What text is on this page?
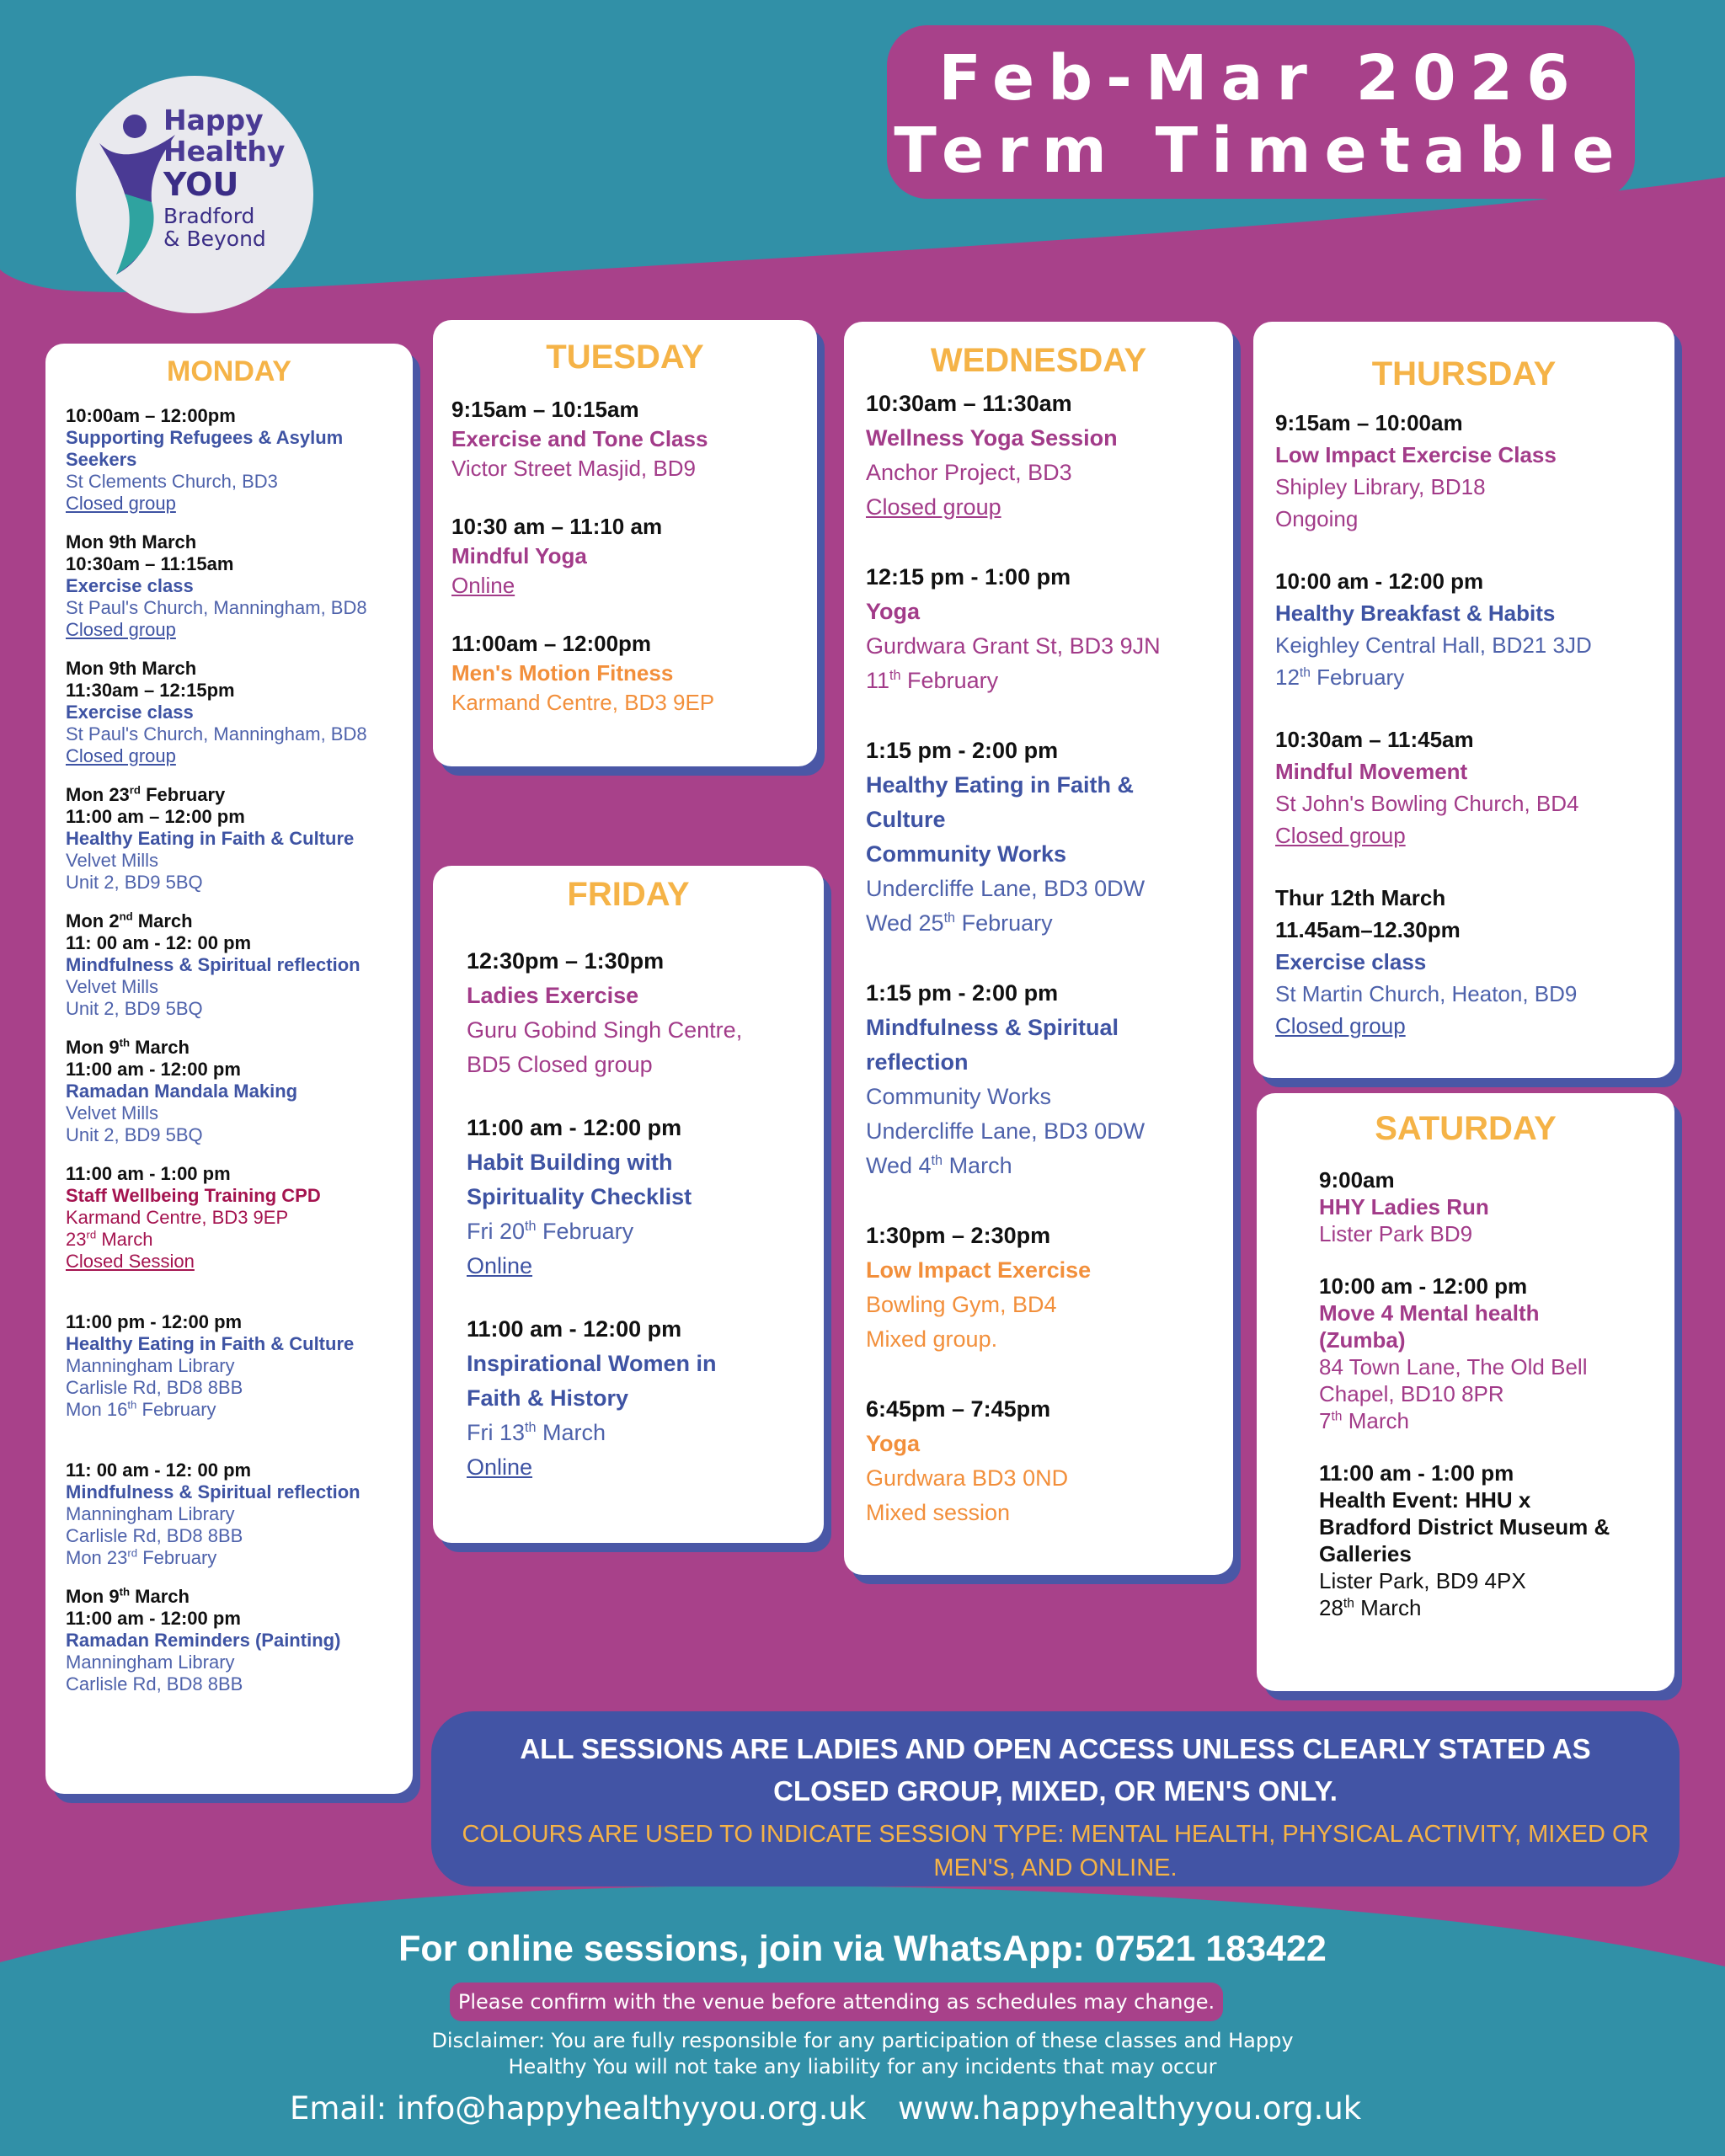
Happy
Healthy
YOU
Bradford
& Beyond
Feb-Mar 2026
Term Timetable
MONDAY
10:00am – 12:00pm
Supporting Refugees & Asylum Seekers
St Clements Church, BD3
Closed group
Mon 9th March
10:30am – 11:15am
Exercise class
St Paul's Church, Manningham, BD8
Closed group
Mon 9th March
11:30am – 12:15pm
Exercise class
St Paul's Church, Manningham, BD8
Closed group
Mon 23rd February
11:00 am – 12:00 pm
Healthy Eating in Faith & Culture
Velvet Mills
Unit 2, BD9 5BQ
Mon 2nd March
11: 00 am - 12: 00 pm
Mindfulness & Spiritual reflection
Velvet Mills
Unit 2, BD9 5BQ
Mon 9th March
11:00 am - 12:00 pm
Ramadan Mandala Making
Velvet Mills
Unit 2, BD9 5BQ
11:00 am - 1:00 pm
Staff Wellbeing Training CPD
Karmand Centre, BD3 9EP
23rd March
Closed Session
11:00 pm - 12:00 pm
Healthy Eating in Faith & Culture
Manningham Library
Carlisle Rd, BD8 8BB
Mon 16th February
11: 00 am - 12: 00 pm
Mindfulness & Spiritual reflection
Manningham Library
Carlisle Rd, BD8 8BB
Mon 23rd February
Mon 9th March
11:00 am - 12:00 pm
Ramadan Reminders (Painting)
Manningham Library
Carlisle Rd, BD8 8BB
TUESDAY
9:15am – 10:15am
Exercise and Tone Class
Victor Street Masjid, BD9
10:30 am – 11:10 am
Mindful Yoga
Online
11:00am – 12:00pm
Men's Motion Fitness
Karmand Centre, BD3 9EP
FRIDAY
12:30pm – 1:30pm
Ladies Exercise
Guru Gobind Singh Centre,
BD5 Closed group
11:00 am - 12:00 pm
Habit Building with
Spirituality Checklist
Fri 20th February
Online
11:00 am - 12:00 pm
Inspirational Women in
Faith & History
Fri 13th March
Online
WEDNESDAY
10:30am – 11:30am
Wellness Yoga Session
Anchor Project, BD3
Closed group
12:15 pm - 1:00 pm
Yoga
Gurdwara Grant St, BD3 9JN
11th February
1:15 pm - 2:00 pm
Healthy Eating in Faith &
Culture
Community Works
Undercliffe Lane, BD3 0DW
Wed 25th February
1:15 pm - 2:00 pm
Mindfulness & Spiritual
reflection
Community Works
Undercliffe Lane, BD3 0DW
Wed 4th March
1:30pm – 2:30pm
Low Impact Exercise
Bowling Gym, BD4
Mixed group.
6:45pm – 7:45pm
Yoga
Gurdwara BD3 0ND
Mixed session
THURSDAY
9:15am – 10:00am
Low Impact Exercise Class
Shipley Library, BD18
Ongoing
10:00 am - 12:00 pm
Healthy Breakfast & Habits
Keighley Central Hall, BD21 3JD
12th February
10:30am – 11:45am
Mindful Movement
St John's Bowling Church, BD4
Closed group
Thur 12th March
11.45am–12.30pm
Exercise class
St Martin Church, Heaton, BD9
Closed group
SATURDAY
9:00am
HHY Ladies Run
Lister Park BD9
10:00 am - 12:00 pm
Move 4 Mental health
(Zumba)
84 Town Lane, The Old Bell
Chapel, BD10 8PR
7th March
11:00 am - 1:00 pm
Health Event: HHU x
Bradford District Museum &
Galleries
Lister Park, BD9 4PX
28th March
ALL SESSIONS ARE LADIES AND OPEN ACCESS UNLESS CLEARLY STATED AS
CLOSED GROUP, MIXED, OR MEN'S ONLY.
COLOURS ARE USED TO INDICATE SESSION TYPE: MENTAL HEALTH, PHYSICAL ACTIVITY, MIXED OR
MEN'S, AND ONLINE.
For online sessions, join via WhatsApp: 07521 183422
Please confirm with the venue before attending as schedules may change.
Disclaimer: You are fully responsible for any participation of these classes and Happy
Healthy You will not take any liability for any incidents that may occur
Email: info@happyhealthyyou.org.uk www.happyhealthyyou.org.uk
